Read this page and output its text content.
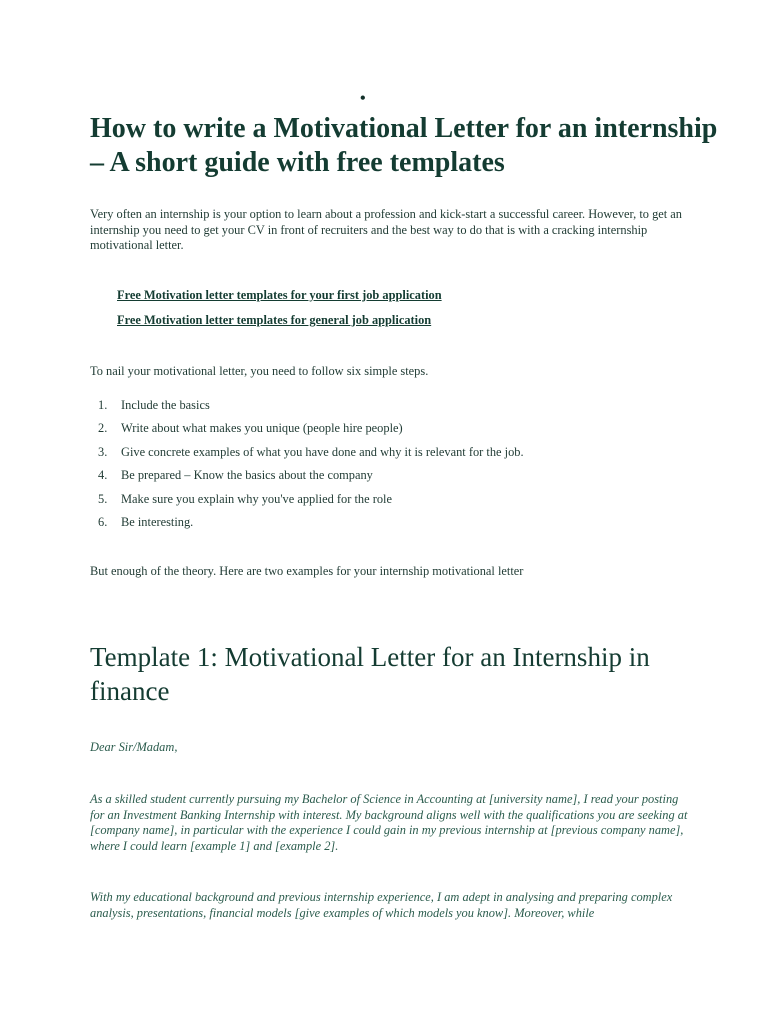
•
How to write a Motivational Letter for an internship – A short guide with free templates

Very often an internship is your option to learn about a profession and kick-start a successful career. However, to get an internship you need to get your CV in front of recruiters and the best way to do that is with a cracking internship motivational letter.

Free Motivation letter templates for your first job application
Free Motivation letter templates for general job application

To nail your motivational letter, you need to follow six simple steps.

1.	Include the basics
2.	Write about what makes you unique (people hire people)
3.	Give concrete examples of what you have done and why it is relevant for the job.
4.	Be prepared – Know the basics about the company
5.	Make sure you explain why you've applied for the role
6.	Be interesting.

But enough of the theory. Here are two examples for your internship motivational letter

Template 1: Motivational Letter for an Internship in finance

Dear Sir/Madam,

As a skilled student currently pursuing my Bachelor of Science in Accounting at [university name], I read your posting for an Investment Banking Internship with interest. My background aligns well with the qualifications you are seeking at [company name], in particular with the experience I could gain in my previous internship at [previous company name], where I could learn [example 1] and [example 2].

With my educational background and previous internship experience, I am adept in analysing and preparing complex analysis, presentations, financial models [give examples of which models you know]. Moreover, while
